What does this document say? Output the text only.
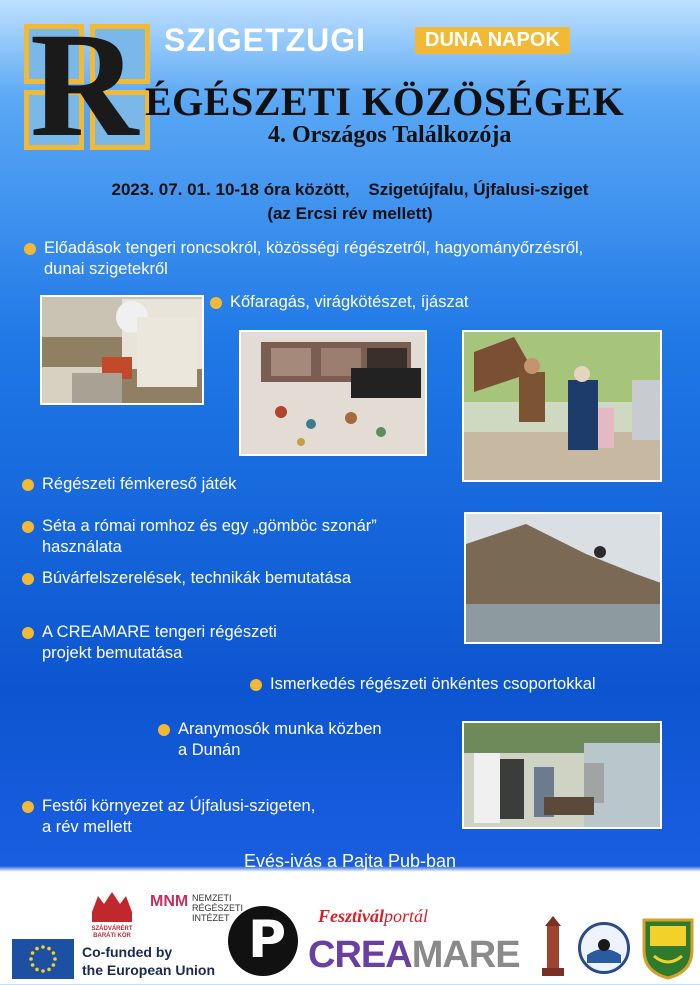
R SZIGETZUGI	DUNA NAPOK
ÉGÉSZETI KÖZÖSÉGEK
4. Országos Találkozója
2023. 07. 01. 10-18 óra között, Szigetújfalu, Újfalusi-sziget
(az Ercsi rév mellett)
Előadások tengeri roncsokról, közösségi régészetről, hagyományőrzésről,
dunai szigetekről
Kőfaragás, virágkötészet, íjászat
Régészeti fémkereső játék
Séta a római romhoz és egy „gömböc szonár”
használata
Búvárfelszerelések, technikák bemutatása
A CREAMARE tengeri régészeti
projekt bemutatása
Ismerkedés régészeti önkéntes csoportokkal
Aranymosók munka közben
a Dunán
Festői környezet az Újfalusi-szigeten,
a rév mellett
Evés-ivás a Pajta Pub-ban
SZÁDVÁRÉRT
BARÁTI KÖR
MNM NEMZETI
RÉGÉSZETI
INTÉZET
Co-funded by
the European Union P Fesztiválportál
CREAMARE
